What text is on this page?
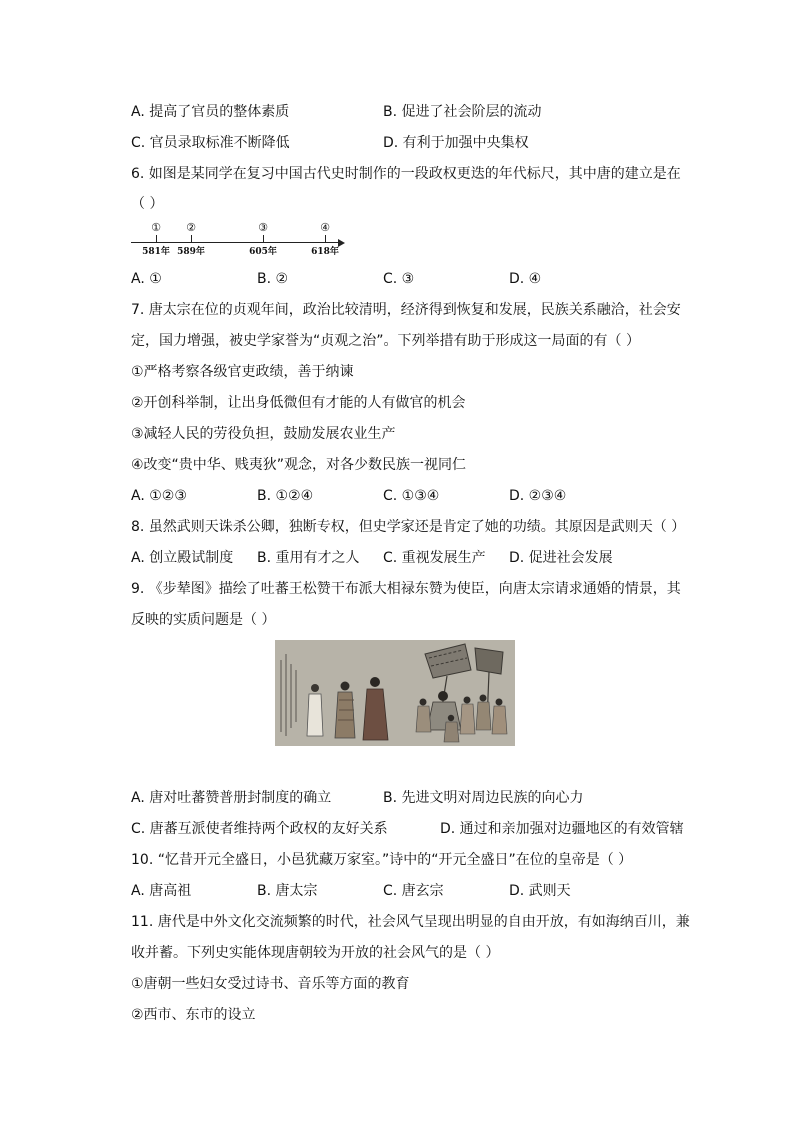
A. 提高了官员的整体素质	B. 促进了社会阶层的流动
C. 官员录取标准不断降低	D. 有利于加强中央集权
6. 如图是某同学在复习中国古代史时制作的一段政权更迭的年代标尺，其中唐的建立是在
（ ）
① ②	③	④
581年 589年	605年	618年
A. ①	B. ②	C. ③	D. ④
7. 唐太宗在位的贞观年间，政治比较清明，经济得到恢复和发展，民族关系融洽，社会安
定，国力增强，被史学家誉为“贞观之治”。下列举措有助于形成这一局面的有（ ）
①严格考察各级官吏政绩，善于纳谏
②开创科举制，让出身低微但有才能的人有做官的机会
③减轻人民的劳役负担，鼓励发展农业生产
④改变“贵中华、贱夷狄”观念，对各少数民族一视同仁
A. ①②③	B. ①②④	C. ①③④	D. ②③④
8. 虽然武则天诛杀公卿，独断专权，但史学家还是肯定了她的功绩。其原因是武则天（ ）
A. 创立殿试制度 B. 重用有才之人 C. 重视发展生产 D. 促进社会发展
9. 《步辇图》描绘了吐蕃王松赞干布派大相禄东赞为使臣，向唐太宗请求通婚的情景，其
反映的实质问题是（ ）
A. 唐对吐蕃赞普册封制度的确立	B. 先进文明对周边民族的向心力
C. 唐蕃互派使者维持两个政权的友好关系	D. 通过和亲加强对边疆地区的有效管辖
10. “忆昔开元全盛日，小邑犹藏万家室。”诗中的“开元全盛日”在位的皇帝是（ ）
A. 唐高祖	B. 唐太宗	C. 唐玄宗	D. 武则天
11. 唐代是中外文化交流频繁的时代，社会风气呈现出明显的自由开放，有如海纳百川，兼
收并蓄。下列史实能体现唐朝较为开放的社会风气的是（ ）
①唐朝一些妇女受过诗书、音乐等方面的教育
②西市、东市的设立
